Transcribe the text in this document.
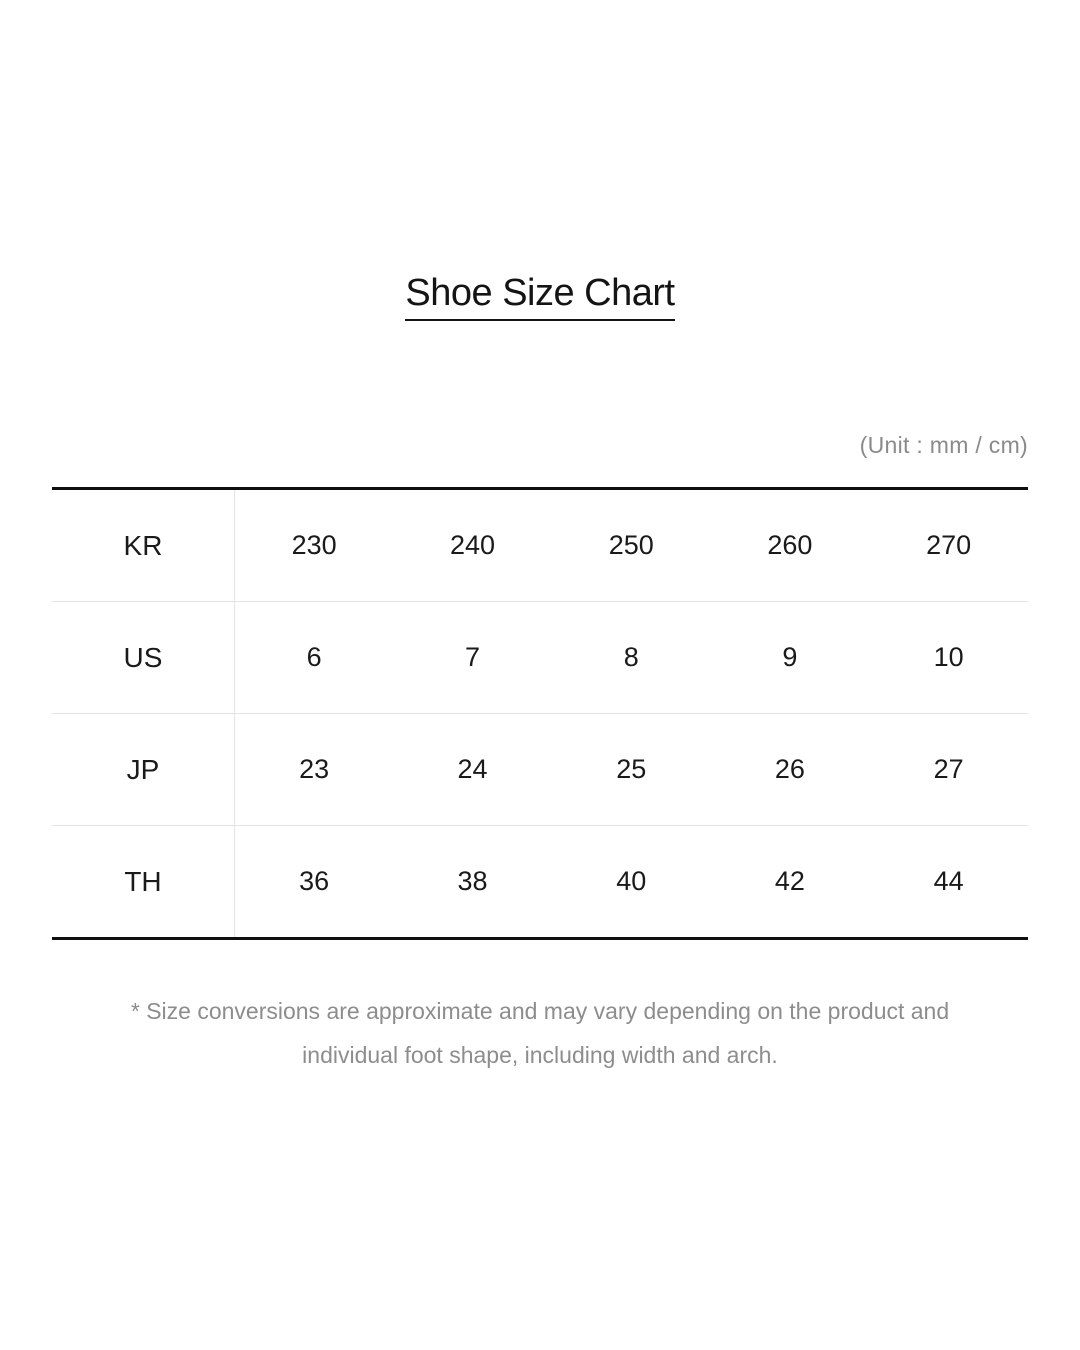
Shoe Size Chart
(Unit : mm / cm)
KR	230	240	250	260	270
US	6	7	8	9	10
JP	23	24	25	26	27
TH	36	38	40	42	44
* Size conversions are approximate and may vary depending on the product and
individual foot shape, including width and arch.
